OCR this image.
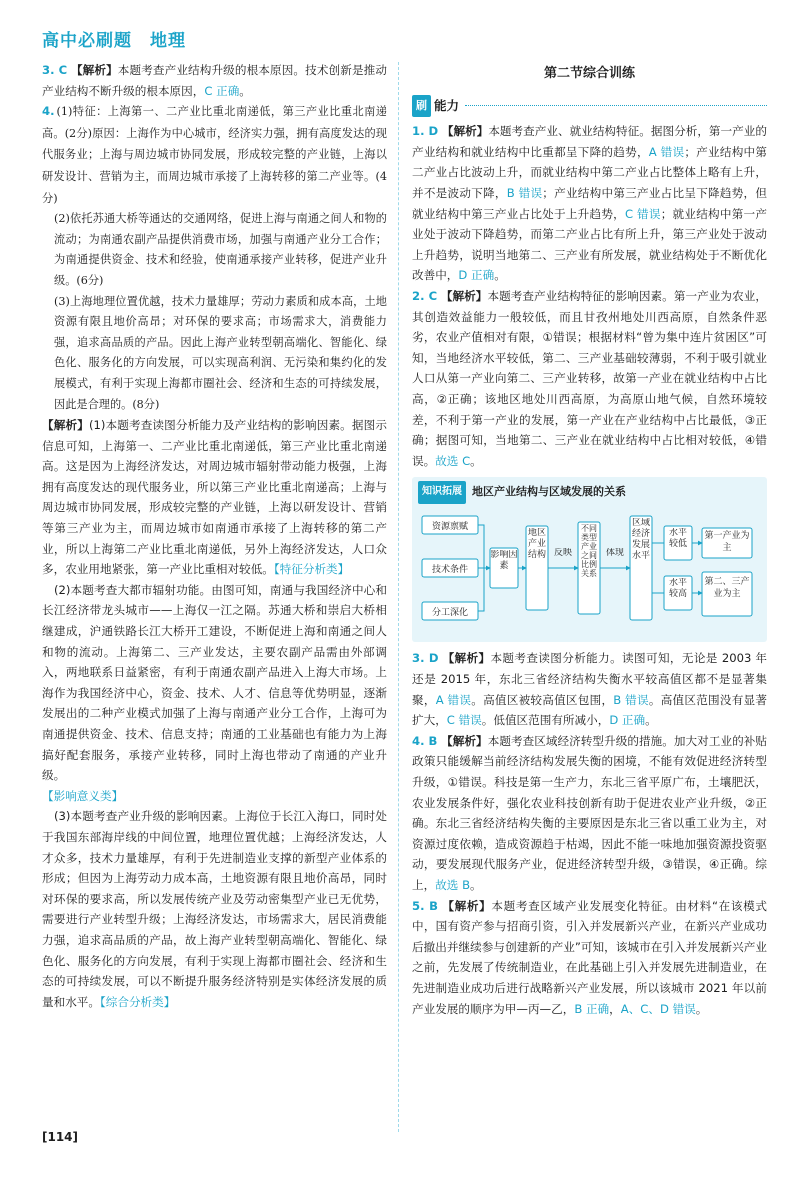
高中必刷题　地理

3. C 【解析】本题考查产业结构升级的根本原因。技术创新是推动产业结构不断升级的根本原因，C 正确。

4. (1)特征：上海第一、二产业比重北南递低，第三产业比重北南递高。(2分)原因：上海作为中心城市，经济实力强，拥有高度发达的现代服务业；上海与周边城市协同发展，形成较完整的产业链，上海以研发设计、营销为主，而周边城市承接了上海转移的第二产业等。(4分)

(2)依托苏通大桥等通达的交通网络，促进上海与南通之间人和物的流动；为南通农副产品提供消费市场，加强与南通产业分工合作；为南通提供资金、技术和经验，使南通承接产业转移，促进产业升级。(6分)

(3)上海地理位置优越，技术力量雄厚；劳动力素质和成本高，土地资源有限且地价高昂；对环保的要求高；市场需求大，消费能力强，追求高品质的产品。因此上海产业转型朝高端化、智能化、绿色化、服务化的方向发展，可以实现高利润、无污染和集约化的发展模式，有利于实现上海都市圈社会、经济和生态的可持续发展，因此是合理的。(8分)

【解析】(1)本题考查读图分析能力及产业结构的影响因素。据图示信息可知，上海第一、二产业比重北南递低，第三产业比重北南递高。这是因为上海经济发达，对周边城市辐射带动能力极强，上海拥有高度发达的现代服务业，所以第三产业比重北南递高；上海与周边城市协同发展，形成较完整的产业链，上海以研发设计、营销等第三产业为主，而周边城市如南通市承接了上海转移的第二产业，所以上海第二产业比重北南递低，另外上海经济发达，人口众多，农业用地紧张，第一产业比重相对较低。【特征分析类】

(2)本题考查大都市辐射功能。由图可知，南通与我国经济中心和长江经济带龙头城市——上海仅一江之隔。苏通大桥和崇启大桥相继建成，沪通铁路长江大桥开工建设，不断促进上海和南通之间人和物的流动。上海第二、三产业发达，主要农副产品需由外部调入，两地联系日益紧密，有利于南通农副产品进入上海大市场。上海作为我国经济中心，资金、技术、人才、信息等优势明显，逐渐发展出的二种产业模式加强了上海与南通产业分工合作，上海可为南通提供资金、技术、信息支持；南通的工业基础也有能力为上海搞好配套服务，承接产业转移，同时上海也带动了南通的产业升级。
【影响意义类】

(3)本题考查产业升级的影响因素。上海位于长江入海口，同时处于我国东部海岸线的中间位置，地理位置优越；上海经济发达，人才众多，技术力量雄厚，有利于先进制造业支撑的新型产业体系的形成；但因为上海劳动力成本高，土地资源有限且地价高昂，同时对环保的要求高，所以发展传统产业及劳动密集型产业已无优势，需要进行产业转型升级；上海经济发达，市场需求大，居民消费能力强，追求高品质的产品，故上海产业转型朝高端化、智能化、绿色化、服务化的方向发展，有利于实现上海都市圈社会、经济和生态的可持续发展，可以不断提升服务经济特别是实体经济发展的质量和水平。【综合分析类】

第二节综合训练
刷 能力

1. D 【解析】本题考查产业、就业结构特征。据图分析，第一产业的产业结构和就业结构中比重都呈下降的趋势，A 错误；产业结构中第二产业占比波动上升，而就业结构中第二产业占比整体上略有上升，并不是波动下降，B 错误；产业结构中第三产业占比呈下降趋势，但就业结构中第三产业占比处于上升趋势，C 错误；就业结构中第一产业处于波动下降趋势，而第二产业占比有所上升，第三产业处于波动上升趋势，说明当地第二、三产业有所发展，就业结构处于不断优化改善中，D 正确。

2. C 【解析】本题考查产业结构特征的影响因素。第一产业为农业，其创造效益能力一般较低，而且甘孜州地处川西高原，自然条件恶劣，农业产值相对有限，①错误；根据材料“曾为集中连片贫困区”可知，当地经济水平较低，第二、三产业基础较薄弱，不利于吸引就业人口从第一产业向第二、三产业转移，故第一产业在就业结构中占比高，②正确；该地区地处川西高原，为高原山地气候，自然环境较差，不利于第一产业的发展，第一产业在产业结构中占比最低，③正确；据图可知，当地第二、三产业在就业结构中占比相对较低，④错误。故选 C。

知识拓展 地区产业结构与区域发展的关系
资源禀赋
技术条件
分工深化
影响因素
地区产业结构 反映
不同类型产业之间比例关系
体现
区域经济发展水平
水平较低
水平较高
第一产业为主
第二、三产业为主

3. D 【解析】本题考查读图分析能力。读图可知，无论是 2003 年还是 2015 年，东北三省经济结构失衡水平较高值区都不是显著集聚，A 错误。高值区被较高值区包围，B 错误。高值区范围没有显著扩大，C 错误。低值区范围有所减小，D 正确。

4. B 【解析】本题考查区域经济转型升级的措施。加大对工业的补贴政策只能缓解当前经济结构发展失衡的困境，不能有效促进经济转型升级，①错误。科技是第一生产力，东北三省平原广布，土壤肥沃，农业发展条件好，强化农业科技创新有助于促进农业产业升级，②正确。东北三省经济结构失衡的主要原因是东北三省以重工业为主，对资源过度依赖，造成资源趋于枯竭，因此不能一味地加强资源投资驱动，要发展现代服务产业，促进经济转型升级，③错误，④正确。综上，故选 B。

5. B 【解析】本题考查区域产业发展变化特征。由材料“在该模式中，国有资产参与招商引资，引入并发展新兴产业，在新兴产业成功后撤出并继续参与创建新的产业”可知，该城市在引入并发展新兴产业之前，先发展了传统制造业，在此基础上引入并发展先进制造业，在先进制造业成功后进行战略新兴产业发展，所以该城市 2021 年以前产业发展的顺序为甲—丙—乙，B 正确，A、C、D 错误。

[114]
